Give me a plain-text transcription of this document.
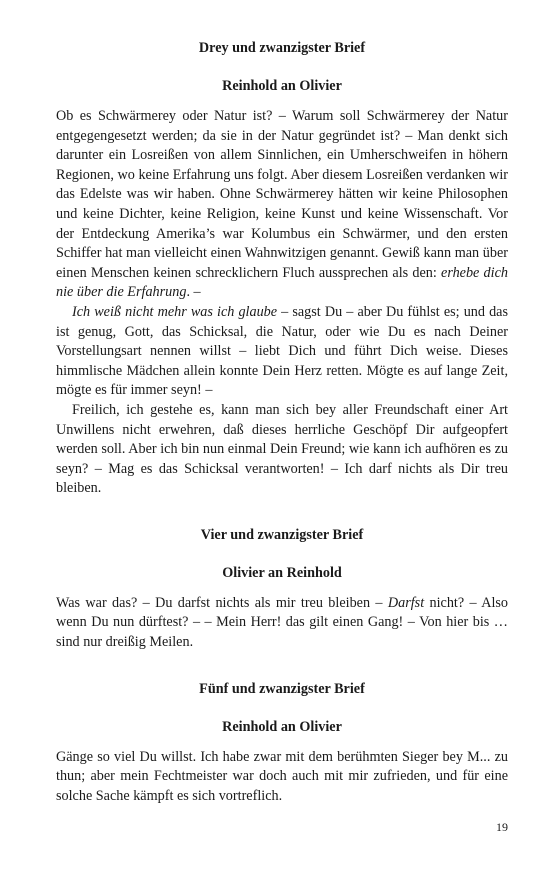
Drey und zwanzigster Brief
Reinhold an Olivier

Ob es Schwärmerey oder Natur ist? – Warum soll Schwärmerey der Natur entgegengesetzt werden; da sie in der Natur gegründet ist? – Man denkt sich darunter ein Losreißen von allem Sinnlichen, ein Umherschweifen in höhern Regionen, wo keine Erfahrung uns folgt. Aber diesem Losreißen verdanken wir das Edelste was wir haben. Ohne Schwärmerey hätten wir keine Philosophen und keine Dichter, keine Religion, keine Kunst und keine Wissenschaft. Vor der Entdeckung Amerika’s war Kolumbus ein Schwärmer, und den ersten Schiffer hat man vielleicht einen Wahnwitzigen genannt. Gewiß kann man über einen Menschen keinen schrecklichern Fluch aussprechen als den: erhebe dich nie über die Erfahrung. –

Ich weiß nicht mehr was ich glaube – sagst Du – aber Du fühlst es; und das ist genug, Gott, das Schicksal, die Natur, oder wie Du es nach Deiner Vorstellungsart nennen willst – liebt Dich und führt Dich weise. Dieses himmlische Mädchen allein konnte Dein Herz retten. Mögte es auf lange Zeit, mögte es für immer seyn! –

Freilich, ich gestehe es, kann man sich bey aller Freundschaft einer Art Unwillens nicht erwehren, daß dieses herrliche Geschöpf Dir aufgeopfert werden soll. Aber ich bin nun einmal Dein Freund; wie kann ich aufhören es zu seyn? – Mag es das Schicksal verantworten! – Ich darf nichts als Dir treu bleiben.

Vier und zwanzigster Brief
Olivier an Reinhold

Was war das? – Du darfst nichts als mir treu bleiben – Darfst nicht? – Also wenn Du nun dürftest? – – Mein Herr! das gilt einen Gang! – Von hier bis … sind nur dreißig Meilen.

Fünf und zwanzigster Brief
Reinhold an Olivier

Gänge so viel Du willst. Ich habe zwar mit dem berühmten Sieger bey M... zu thun; aber mein Fechtmeister war doch auch mit mir zufrieden, und für eine solche Sache kämpft es sich vortreflich.

19
